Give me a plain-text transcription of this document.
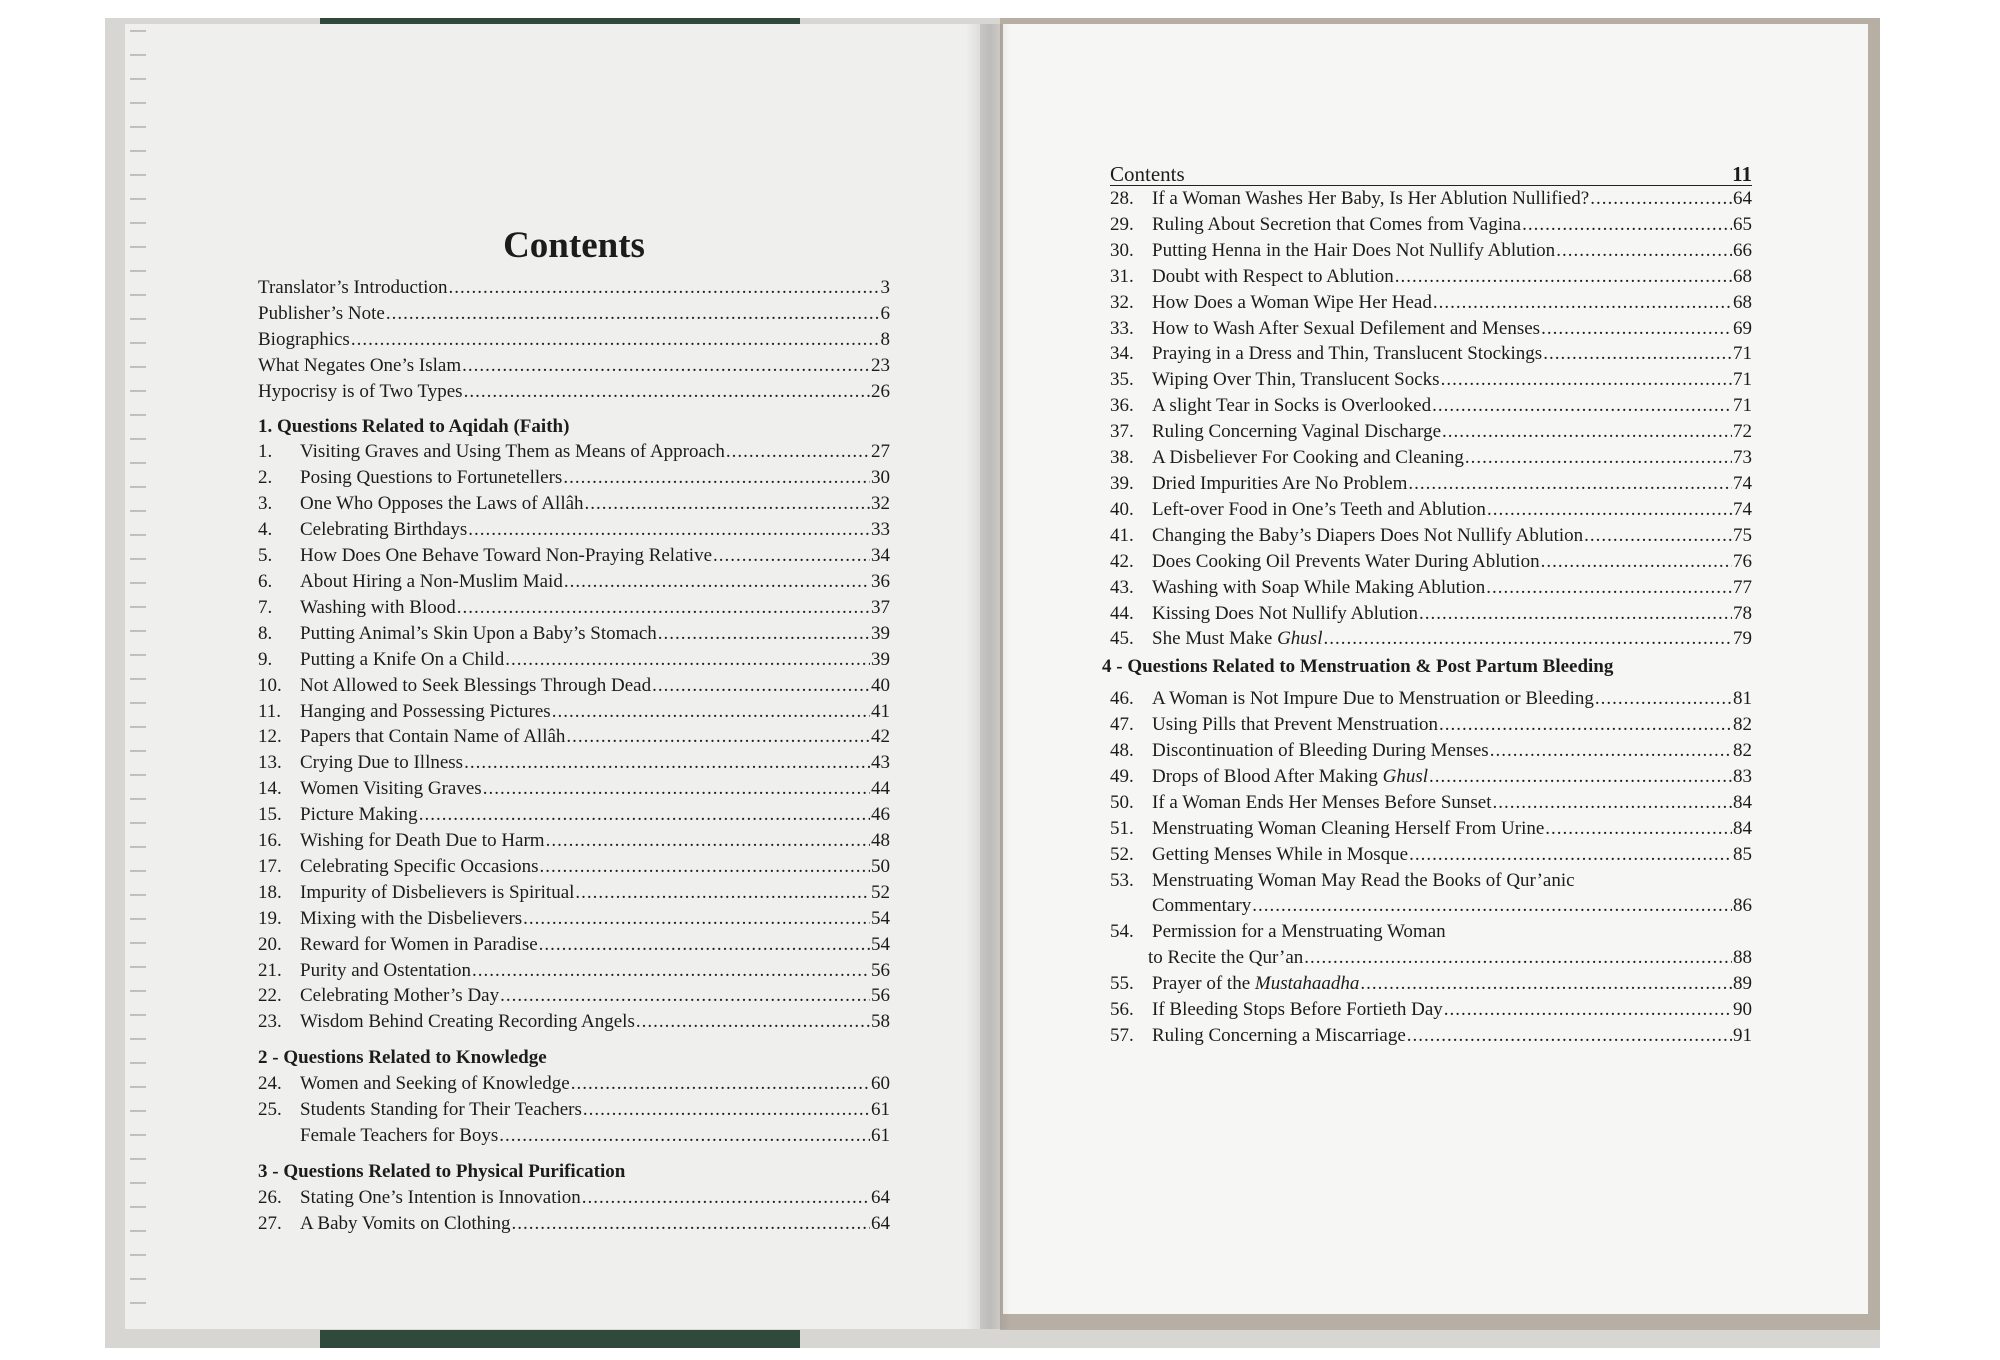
Contents
Translator’s Introduction .....	3
Publisher’s Note .....	6
Biographics .....	8
What Negates One’s Islam .....	23
Hypocrisy is of Two Types .....	26
1. Questions Related to Aqidah (Faith)
1.	Visiting Graves and Using Them as Means of Approach .....	27
2.	Posing Questions to Fortunetellers .....	30
3.	One Who Opposes the Laws of Allâh .....	32
4.	Celebrating Birthdays .....	33
5.	How Does One Behave Toward Non-Praying Relative .....	34
6.	About Hiring a Non-Muslim Maid .....	36
7.	Washing with Blood .....	37
8.	Putting Animal’s Skin Upon a Baby’s Stomach .....	39
9.	Putting a Knife On a Child .....	39
10. Not Allowed to Seek Blessings Through Dead .....	40
11. Hanging and Possessing Pictures .....	41
12. Papers that Contain Name of Allâh .....	42
13. Crying Due to Illness .....	43
14. Women Visiting Graves .....	44
15. Picture Making .....	46
16. Wishing for Death Due to Harm .....	48
17. Celebrating Specific Occasions .....	50
18. Impurity of Disbelievers is Spiritual .....	52
19. Mixing with the Disbelievers .....	54
20. Reward for Women in Paradise .....	54
21. Purity and Ostentation .....	56
22. Celebrating Mother’s Day .....	56
23. Wisdom Behind Creating Recording Angels .....	58
2 - Questions Related to Knowledge
24. Women and Seeking of Knowledge .....	60
25. Students Standing for Their Teachers .....	61
Female Teachers for Boys .....	61
3 - Questions Related to Physical Purification
26. Stating One’s Intention is Innovation .....	64
27. A Baby Vomits on Clothing .....	64
Contents	11
28. If a Woman Washes Her Baby, Is Her Ablution Nullified? .....	64
29. Ruling About Secretion that Comes from Vagina .....	65
30. Putting Henna in the Hair Does Not Nullify Ablution .....	66
31. Doubt with Respect to Ablution .....	68
32. How Does a Woman Wipe Her Head .....	68
33. How to Wash After Sexual Defilement and Menses .....	69
34. Praying in a Dress and Thin, Translucent Stockings .....	71
35. Wiping Over Thin, Translucent Socks .....	71
36. A slight Tear in Socks is Overlooked .....	71
37. Ruling Concerning Vaginal Discharge .....	72
38. A Disbeliever For Cooking and Cleaning .....	73
39. Dried Impurities Are No Problem .....	74
40. Left-over Food in One’s Teeth and Ablution .....	74
41. Changing the Baby’s Diapers Does Not Nullify Ablution .....	75
42. Does Cooking Oil Prevents Water During Ablution .....	76
43. Washing with Soap While Making Ablution .....	77
44. Kissing Does Not Nullify Ablution .....	78
45. She Must Make Ghusl .....	79
4 - Questions Related to Menstruation & Post Partum Bleeding
46. A Woman is Not Impure Due to Menstruation or Bleeding .....	81
47. Using Pills that Prevent Menstruation .....	82
48. Discontinuation of Bleeding During Menses .....	82
49. Drops of Blood After Making Ghusl .....	83
50. If a Woman Ends Her Menses Before Sunset .....	84
51. Menstruating Woman Cleaning Herself From Urine .....	84
52. Getting Menses While in Mosque .....	85
53. Menstruating Woman May Read the Books of Qur’anic
Commentary .....	86
54. Permission for a Menstruating Woman
to Recite the Qur’an .....	88
55. Prayer of the Mustahaadha .....	89
56. If Bleeding Stops Before Fortieth Day .....	90
57. Ruling Concerning a Miscarriage .....	91
